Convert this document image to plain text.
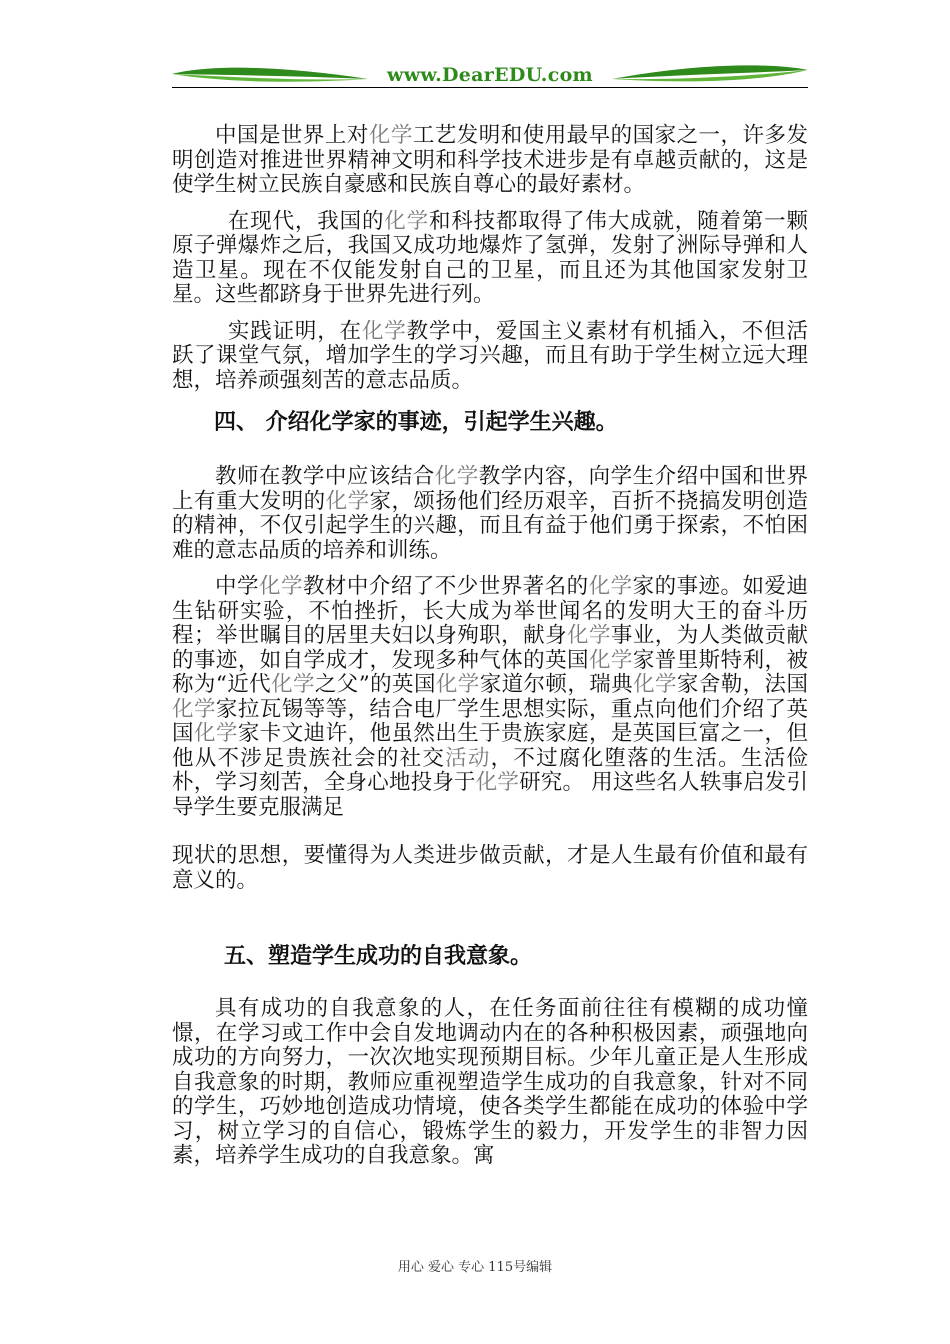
www.DearEDU.com

中国是世界上对化学工艺发明和使用最早的国家之一，许多发明创造对推进世界精神文明和科学技术进步是有卓越贡献的，这是使学生树立民族自豪感和民族自尊心的最好素材。

在现代，我国的化学和科技都取得了伟大成就，随着第一颗原子弹爆炸之后，我国又成功地爆炸了氢弹，发射了洲际导弹和人造卫星。现在不仅能发射自己的卫星，而且还为其他国家发射卫星。这些都跻身于世界先进行列。

实践证明，在化学教学中，爱国主义素材有机插入，不但活跃了课堂气氛，增加学生的学习兴趣，而且有助于学生树立远大理想，培养顽强刻苦的意志品质。

四、 介绍化学家的事迹，引起学生兴趣。

教师在教学中应该结合化学教学内容，向学生介绍中国和世界上有重大发明的化学家，颂扬他们经历艰辛，百折不挠搞发明创造的精神，不仅引起学生的兴趣，而且有益于他们勇于探索，不怕困难的意志品质的培养和训练。

中学化学教材中介绍了不少世界著名的化学家的事迹。如爱迪生钻研实验，不怕挫折，长大成为举世闻名的发明大王的奋斗历程；举世瞩目的居里夫妇以身殉职，献身化学事业，为人类做贡献的事迹，如自学成才，发现多种气体的英国化学家普里斯特利，被称为“近代化学之父”的英国化学家道尔顿，瑞典化学家舍勒，法国化学家拉瓦锡等等，结合电厂学生思想实际，重点向他们介绍了英国化学家卡文迪许，他虽然出生于贵族家庭，是英国巨富之一，但他从不涉足贵族社会的社交活动，不过腐化堕落的生活。生活俭朴，学习刻苦，全身心地投身于化学研究。 用这些名人轶事启发引导学生要克服满足

现状的思想，要懂得为人类进步做贡献，才是人生最有价值和最有意义的。

五、塑造学生成功的自我意象。

具有成功的自我意象的人，在任务面前往往有模糊的成功憧憬，在学习或工作中会自发地调动内在的各种积极因素，顽强地向成功的方向努力，一次次地实现预期目标。少年儿童正是人生形成自我意象的时期，教师应重视塑造学生成功的自我意象，针对不同的学生，巧妙地创造成功情境，使各类学生都能在成功的体验中学习，树立学习的自信心，锻炼学生的毅力，开发学生的非智力因素，培养学生成功的自我意象。寓

用心 爱心 专心 115号编辑
